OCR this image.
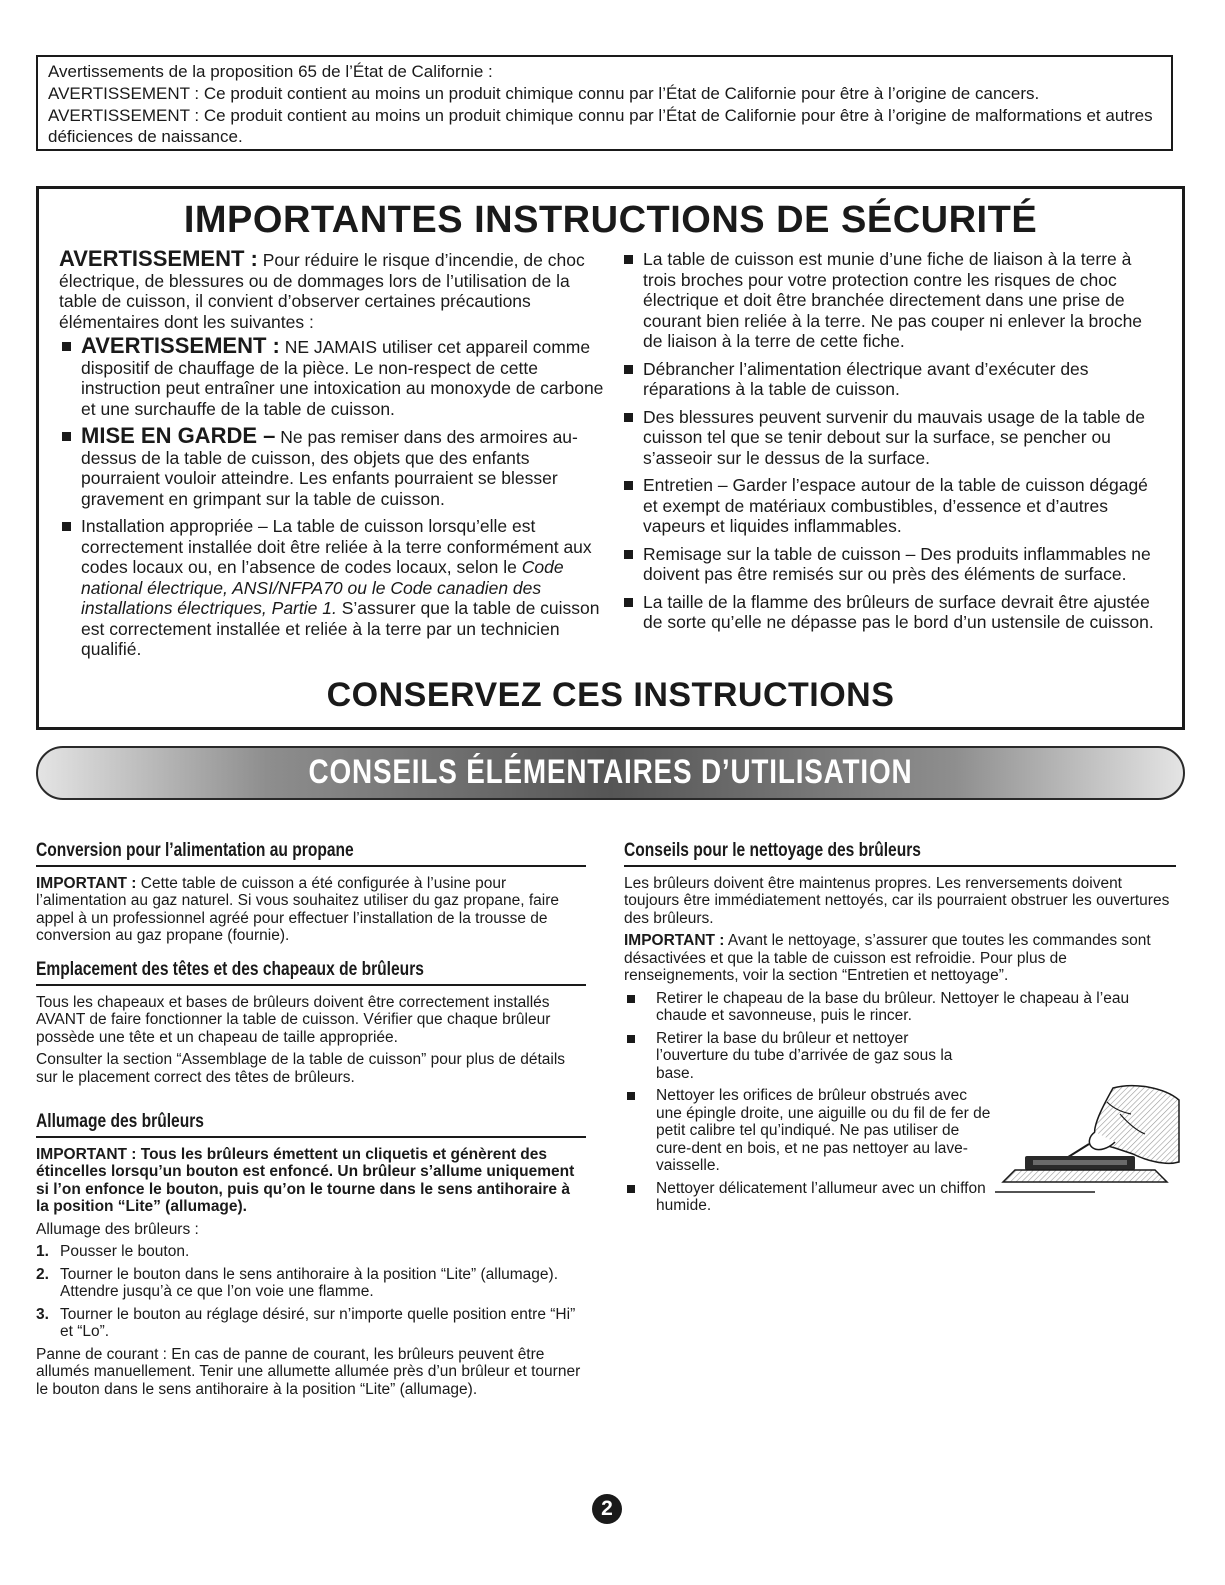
Avertissements de la proposition 65 de l’État de Californie :

AVERTISSEMENT : Ce produit contient au moins un produit chimique connu par l’État de Californie pour être à l’origine de cancers.

AVERTISSEMENT : Ce produit contient au moins un produit chimique connu par l’État de Californie pour être à l’origine de malformations et autres déficiences de naissance.

IMPORTANTES INSTRUCTIONS DE SÉCURITÉ

AVERTISSEMENT : Pour réduire le risque d’incendie, de choc électrique, de blessures ou de dommages lors de l’utilisation de la table de cuisson, il convient d’observer certaines précautions élémentaires dont les suivantes :

AVERTISSEMENT : NE JAMAIS utiliser cet appareil comme dispositif de chauffage de la pièce. Le non-respect de cette instruction peut entraîner une intoxication au monoxyde de carbone et une surchauffe de la table de cuisson.
MISE EN GARDE – Ne pas remiser dans des armoires au-dessus de la table de cuisson, des objets que des enfants pourraient vouloir atteindre. Les enfants pourraient se blesser gravement en grimpant sur la table de cuisson.
Installation appropriée – La table de cuisson lorsqu’elle est correctement installée doit être reliée à la terre conformément aux codes locaux ou, en l’absence de codes locaux, selon le Code national électrique, ANSI/NFPA70 ou le Code canadien des installations électriques, Partie 1. S’assurer que la table de cuisson est correctement installée et reliée à la terre par un technicien qualifié.
La table de cuisson est munie d’une fiche de liaison à la terre à trois broches pour votre protection contre les risques de choc électrique et doit être branchée directement dans une prise de courant bien reliée à la terre. Ne pas couper ni enlever la broche de liaison à la terre de cette fiche.
Débrancher l’alimentation électrique avant d’exécuter des réparations à la table de cuisson.
Des blessures peuvent survenir du mauvais usage de la table de cuisson tel que se tenir debout sur la surface, se pencher ou s’asseoir sur le dessus de la surface.
Entretien – Garder l’espace autour de la table de cuisson dégagé et exempt de matériaux combustibles, d’essence et d’autres vapeurs et liquides inflammables.
Remisage sur la table de cuisson – Des produits inflammables ne doivent pas être remisés sur ou près des éléments de surface.
La taille de la flamme des brûleurs de surface devrait être ajustée de sorte qu’elle ne dépasse pas le bord d’un ustensile de cuisson.
CONSERVEZ CES INSTRUCTIONS
CONSEILS ÉLÉMENTAIRES D’UTILISATION
Conversion pour l’alimentation au propane

IMPORTANT : Cette table de cuisson a été configurée à l’usine pour l’alimentation au gaz naturel. Si vous souhaitez utiliser du gaz propane, faire appel à un professionnel agréé pour effectuer l’installation de la trousse de conversion au gaz propane (fournie).

Emplacement des têtes et des chapeaux de brûleurs

Tous les chapeaux et bases de brûleurs doivent être correctement installés AVANT de faire fonctionner la table de cuisson. Vérifier que chaque brûleur possède une tête et un chapeau de taille appropriée.

Consulter la section “Assemblage de la table de cuisson” pour plus de détails sur le placement correct des têtes de brûleurs.

Allumage des brûleurs

IMPORTANT : Tous les brûleurs émettent un cliquetis et génèrent des étincelles lorsqu’un bouton est enfoncé. Un brûleur s’allume uniquement si l’on enfonce le bouton, puis qu’on le tourne dans le sens antihoraire à la position “Lite” (allumage).

Allumage des brûleurs :

1. Pousser le bouton.
2. Tourner le bouton dans le sens antihoraire à la position “Lite” (allumage). Attendre jusqu’à ce que l’on voie une flamme.
3. Tourner le bouton au réglage désiré, sur n’importe quelle position entre “Hi” et “Lo”.

Panne de courant : En cas de panne de courant, les brûleurs peuvent être allumés manuellement. Tenir une allumette allumée près d’un brûleur et tourner le bouton dans le sens antihoraire à la position “Lite” (allumage).

Conseils pour le nettoyage des brûleurs

Les brûleurs doivent être maintenus propres. Les renversements doivent toujours être immédiatement nettoyés, car ils pourraient obstruer les ouvertures des brûleurs.

IMPORTANT : Avant le nettoyage, s’assurer que toutes les commandes sont désactivées et que la table de cuisson est refroidie. Pour plus de renseignements, voir la section “Entretien et nettoyage”.

Retirer le chapeau de la base du brûleur. Nettoyer le chapeau à l’eau chaude et savonneuse, puis le rincer.
Retirer la base du brûleur et nettoyer l’ouverture du tube d’arrivée de gaz sous la base.
Nettoyer les orifices de brûleur obstrués avec une épingle droite, une aiguille ou du fil de fer de petit calibre tel qu’indiqué. Ne pas utiliser de cure-dent en bois, et ne pas nettoyer au lave-vaisselle.
Nettoyer délicatement l’allumeur avec un chiffon humide.
2
